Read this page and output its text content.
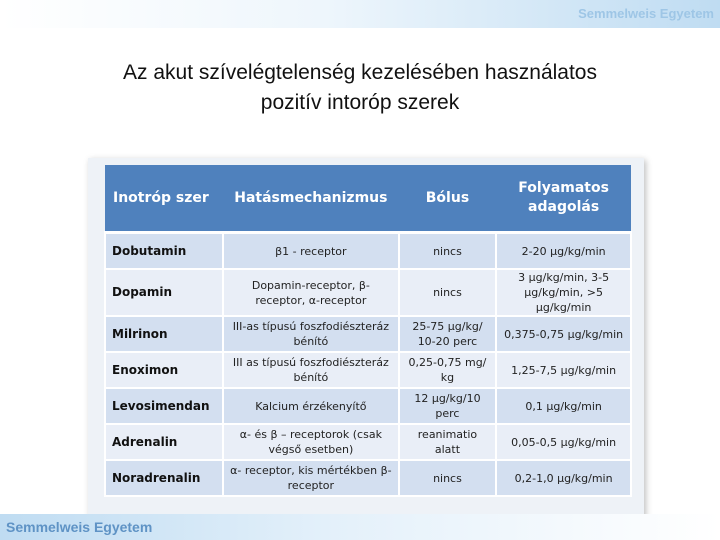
Semmelweis Egyetem
Az akut szívelégtelenség kezelésében használatos
pozitív intoróp szerek
Inotróp szer	Hatásmechanizmus	Bólus	Folyamatos adagolás
Dobutamin	β1 - receptor	nincs	2-20 μg/kg/min
Dopamin	Dopamin-receptor, β-receptor, α-receptor	nincs	3 μg/kg/min, 3-5 μg/kg/min, >5 μg/kg/min
Milrinon	III-as típusú foszfodiészteráz bénító	25-75 μg/kg/ 10-20 perc	0,375-0,75 μg/kg/min
Enoximon	III as típusú foszfodiészteráz bénító	0,25-0,75 mg/ kg	1,25-7,5 μg/kg/min
Levosimendan	Kalcium érzékenyítő	12 μg/kg/10 perc	0,1 μg/kg/min
Adrenalin	α- és β – receptorok (csak végső esetben)	reanimatio alatt	0,05-0,5 μg/kg/min
Noradrenalin	α- receptor, kis mértékben β-receptor	nincs	0,2-1,0 μg/kg/min
Semmelweis Egyetem
